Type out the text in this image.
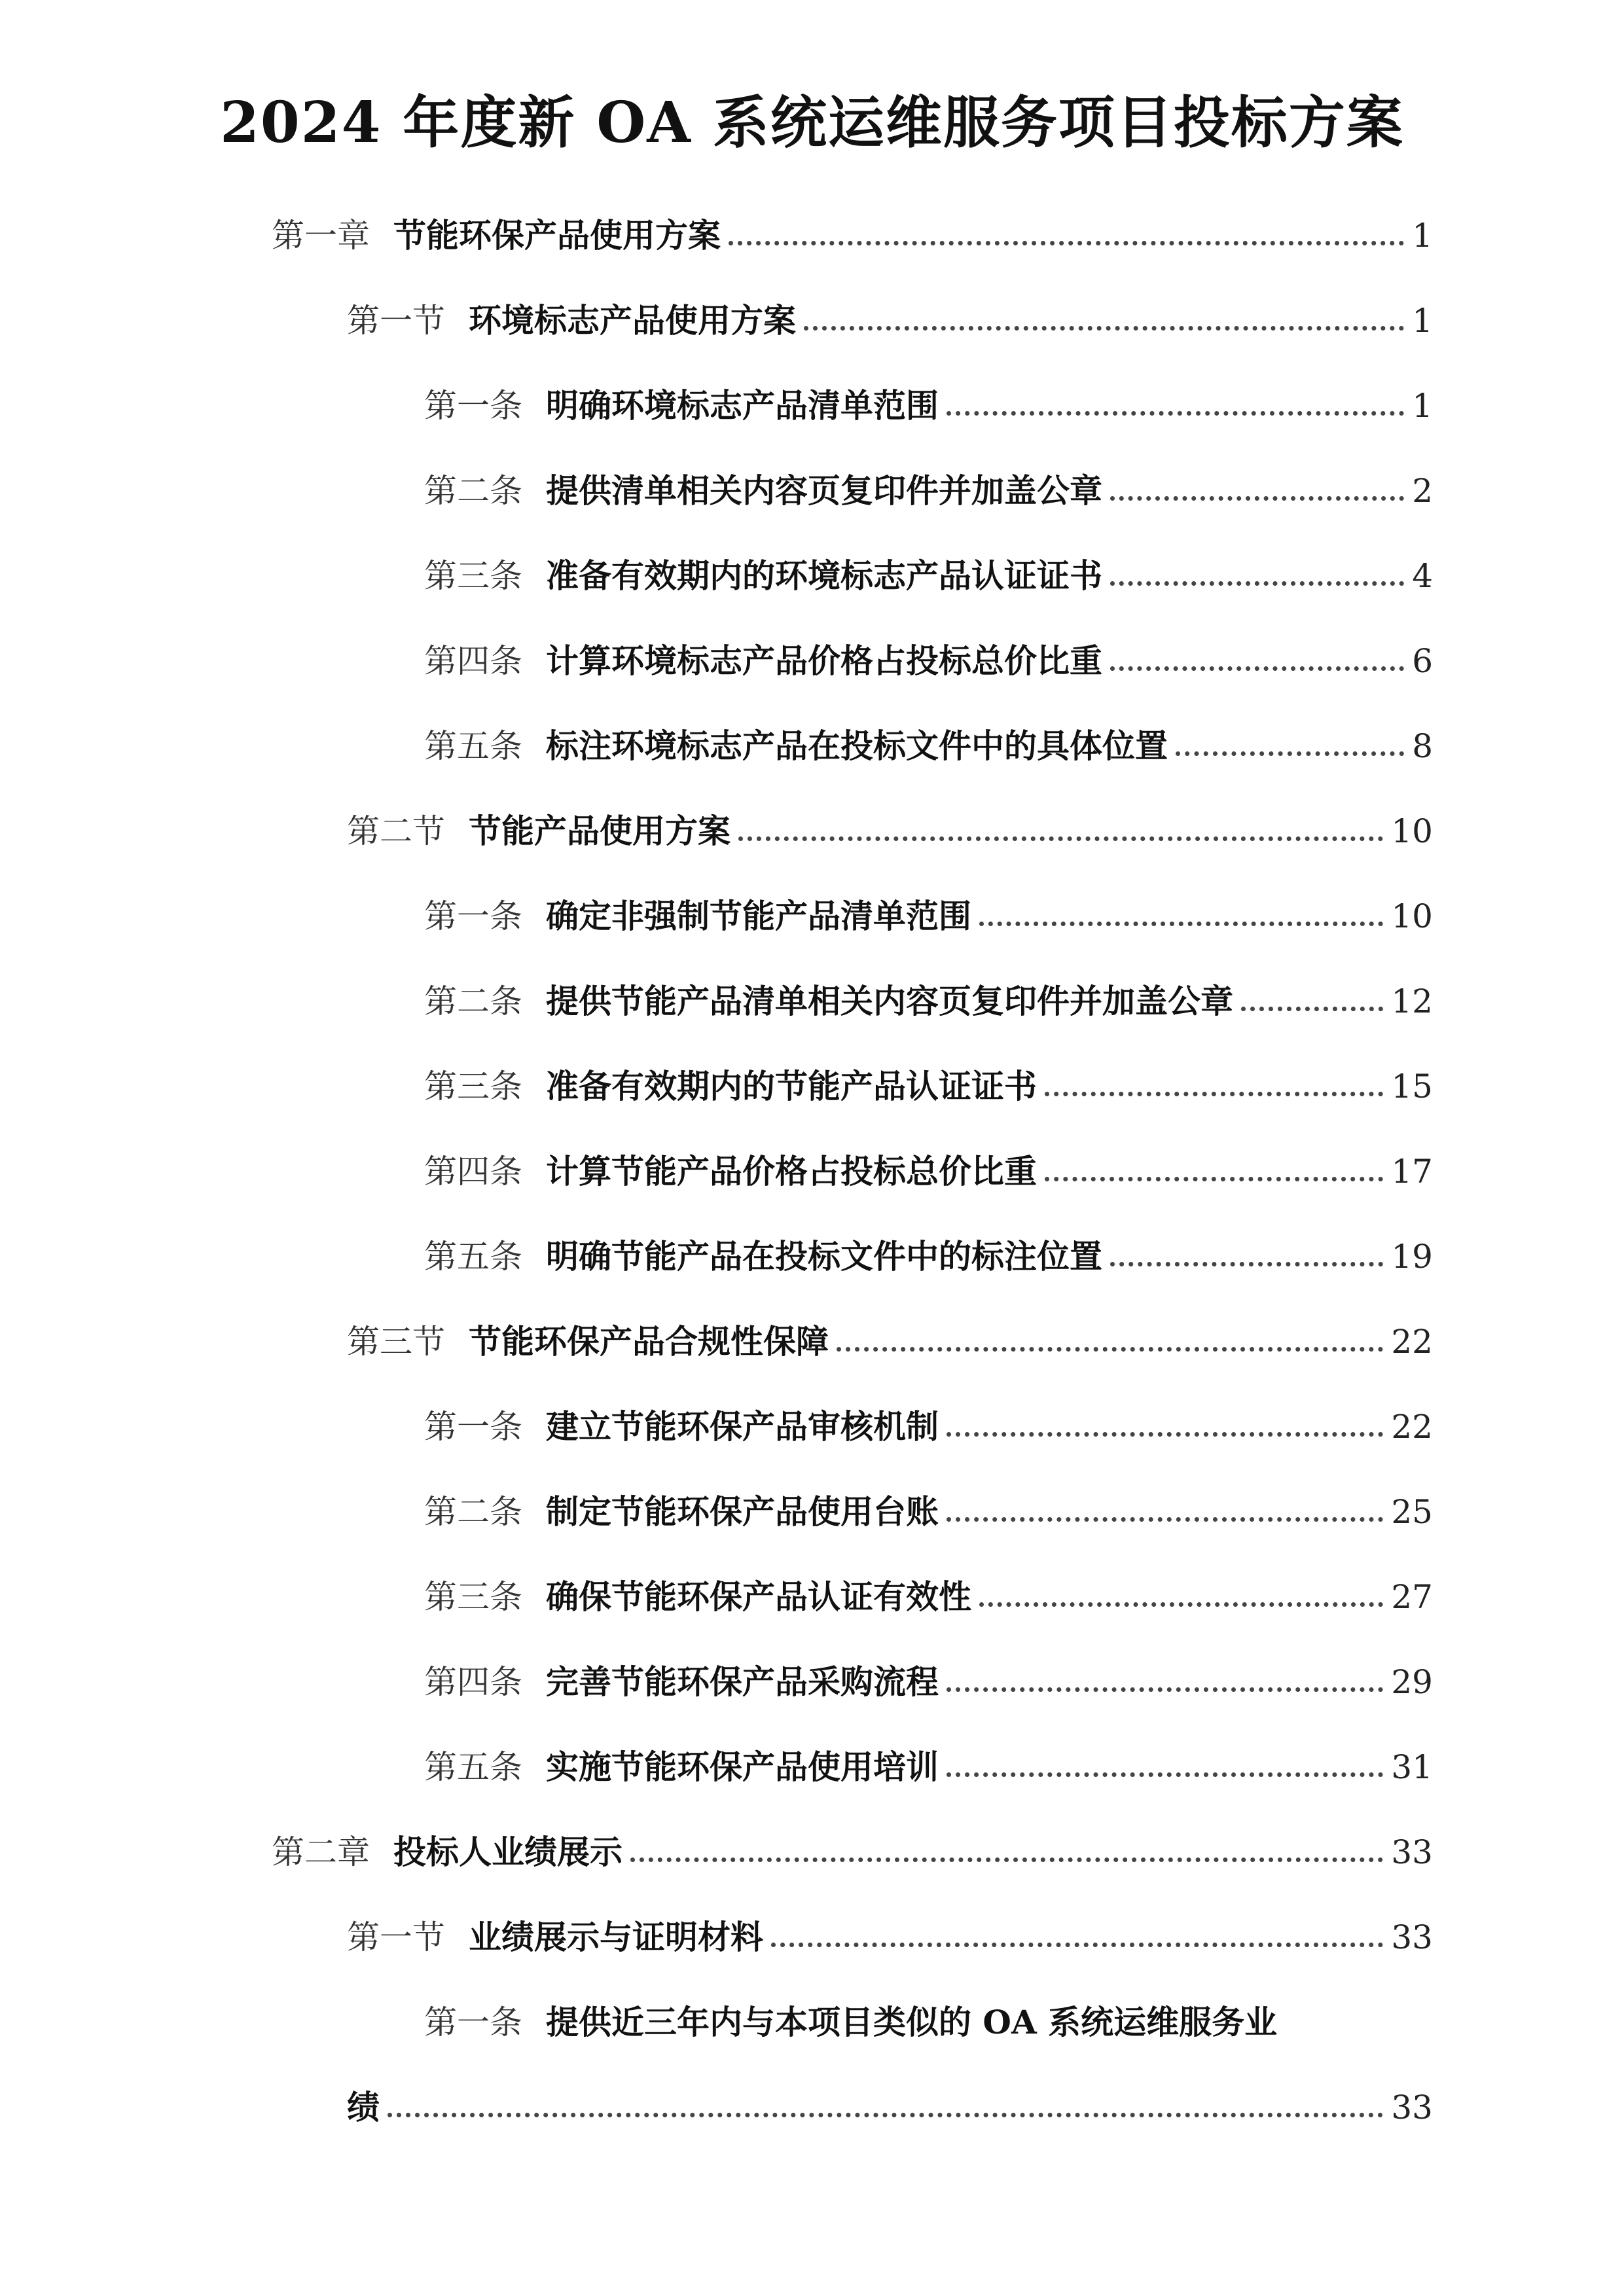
2024 年度新 OA 系统运维服务项目投标方案
第一章 节能环保产品使用方案	1
第一节 环境标志产品使用方案	1
第一条 明确环境标志产品清单范围	1
第二条 提供清单相关内容页复印件并加盖公章	2
第三条 准备有效期内的环境标志产品认证证书	4
第四条 计算环境标志产品价格占投标总价比重	6
第五条 标注环境标志产品在投标文件中的具体位置	8
第二节 节能产品使用方案	10
第一条 确定非强制节能产品清单范围	10
第二条 提供节能产品清单相关内容页复印件并加盖公章	12
第三条 准备有效期内的节能产品认证证书	15
第四条 计算节能产品价格占投标总价比重	17
第五条 明确节能产品在投标文件中的标注位置	19
第三节 节能环保产品合规性保障	22
第一条 建立节能环保产品审核机制	22
第二条 制定节能环保产品使用台账	25
第三条 确保节能环保产品认证有效性	27
第四条 完善节能环保产品采购流程	29
第五条 实施节能环保产品使用培训	31
第二章 投标人业绩展示	33
第一节 业绩展示与证明材料	33
第一条 提供近三年内与本项目类似的 OA 系统运维服务业
绩	33
